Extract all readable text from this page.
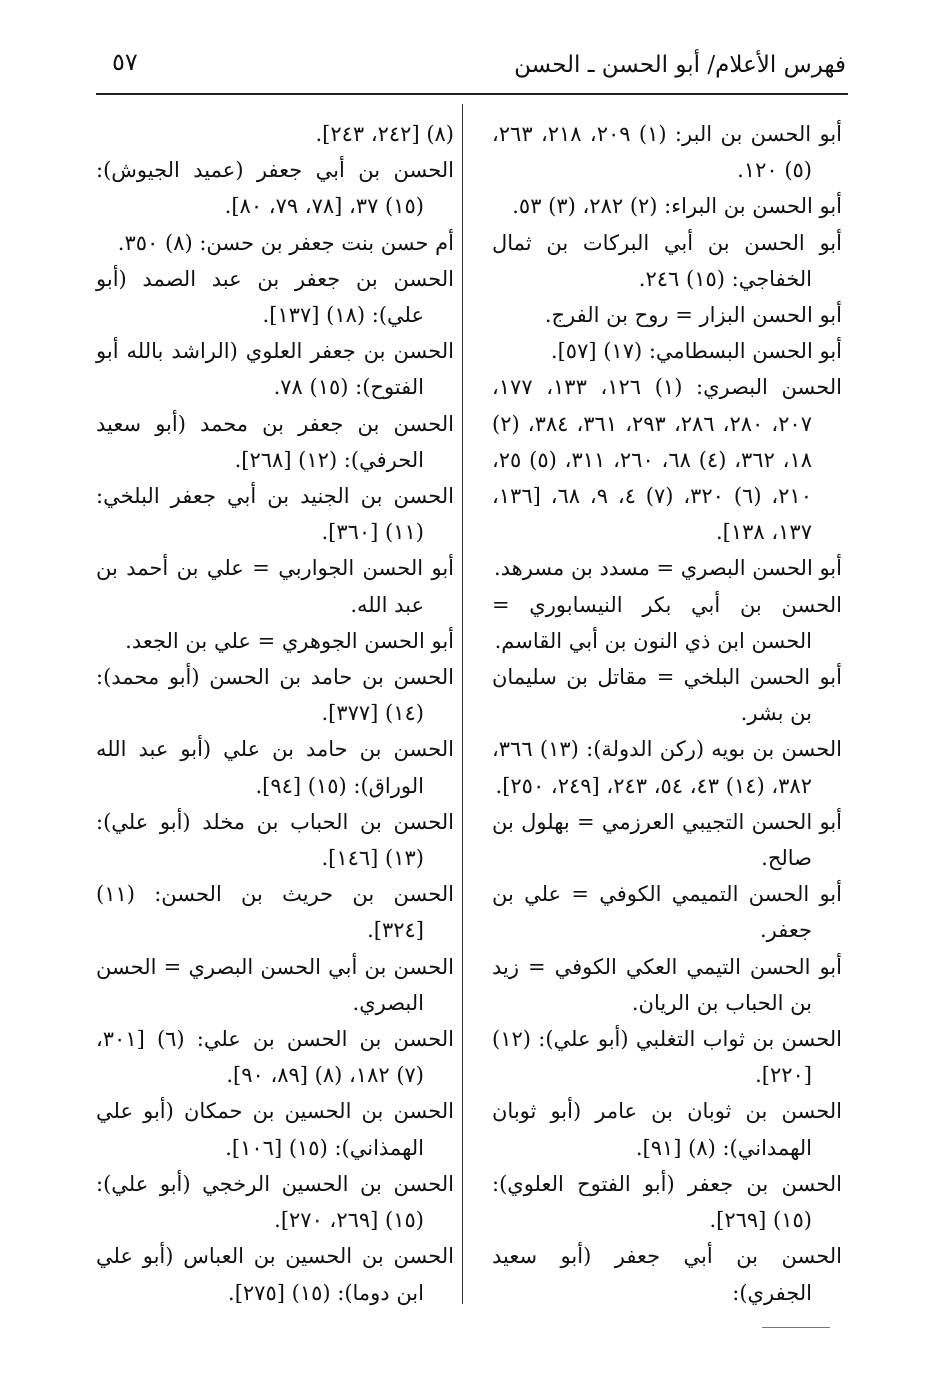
فهرس الأعلام/ أبو الحسن ـ الحسن
٥٧

أبو الحسن بن البر: (١) ٢٠٩، ٢١٨، ٢٦٣، (٥) ١٢٠.

أبو الحسن بن البراء: (٢) ٢٨٢، (٣) ٥٣.

أبو الحسن بن أبي البركات بن ثمال الخفاجي: (١٥) ٢٤٦.

أبو الحسن البزار = روح بن الفرج.

أبو الحسن البسطامي: (١٧) [٥٧].

الحسن البصري: (١) ١٢٦، ١٣٣، ١٧٧، ٢٠٧، ٢٨٠، ٢٨٦، ٢٩٣، ٣٦١، ٣٨٤، (٢) ١٨، ٣٦٢، (٤) ٦٨، ٢٦٠، ٣١١، (٥) ٢٥، ٢١٠، (٦) ٣٢٠، (٧) ٤، ٩، ٦٨، [١٣٦، ١٣٧، ١٣٨].

أبو الحسن البصري = مسدد بن مسرهد.

الحسن بن أبي بكر النيسابوري = الحسن ابن ذي النون بن أبي القاسم.

أبو الحسن البلخي = مقاتل بن سليمان بن بشر.

الحسن بن بويه (ركن الدولة): (١٣) ٣٦٦، ٣٨٢، (١٤) ٤٣، ٥٤، ٢٤٣، [٢٤٩، ٢٥٠].

أبو الحسن التجيبي العرزمي = بهلول بن صالح.

أبو الحسن التميمي الكوفي = علي بن جعفر.

أبو الحسن التيمي العكي الكوفي = زيد بن الحباب بن الريان.

الحسن بن ثواب التغلبي (أبو علي): (١٢) [٢٢٠].

الحسن بن ثوبان بن عامر (أبو ثوبان الهمداني): (٨) [٩١].

الحسن بن جعفر (أبو الفتوح العلوي): (١٥) [٢٦٩].

الحسن بن أبي جعفر (أبو سعيد الجفري):

(٨) [٢٤٢، ٢٤٣].

الحسن بن أبي جعفر (عميد الجيوش): (١٥) ٣٧، [٧٨، ٧٩، ٨٠].

أم حسن بنت جعفر بن حسن: (٨) ٣٥٠.

الحسن بن جعفر بن عبد الصمد (أبو علي): (١٨) [١٣٧].

الحسن بن جعفر العلوي (الراشد بالله أبو الفتوح): (١٥) ٧٨.

الحسن بن جعفر بن محمد (أبو سعيد الحرفي): (١٢) [٢٦٨].

الحسن بن الجنيد بن أبي جعفر البلخي: (١١) [٣٦٠].

أبو الحسن الجواربي = علي بن أحمد بن عبد الله.

أبو الحسن الجوهري = علي بن الجعد.

الحسن بن حامد بن الحسن (أبو محمد): (١٤) [٣٧٧].

الحسن بن حامد بن علي (أبو عبد الله الوراق): (١٥) [٩٤].

الحسن بن الحباب بن مخلد (أبو علي): (١٣) [١٤٦].

الحسن بن حريث بن الحسن: (١١) [٣٢٤].

الحسن بن أبي الحسن البصري = الحسن البصري.

الحسن بن الحسن بن علي: (٦) [٣٠١، (٧) ١٨٢، (٨) [٨٩، ٩٠].

الحسن بن الحسين بن حمكان (أبو علي الهمذاني): (١٥) [١٠٦].

الحسن بن الحسين الرخجي (أبو علي): (١٥) [٢٦٩، ٢٧٠].

الحسن بن الحسين بن العباس (أبو علي ابن دوما): (١٥) [٢٧٥].
